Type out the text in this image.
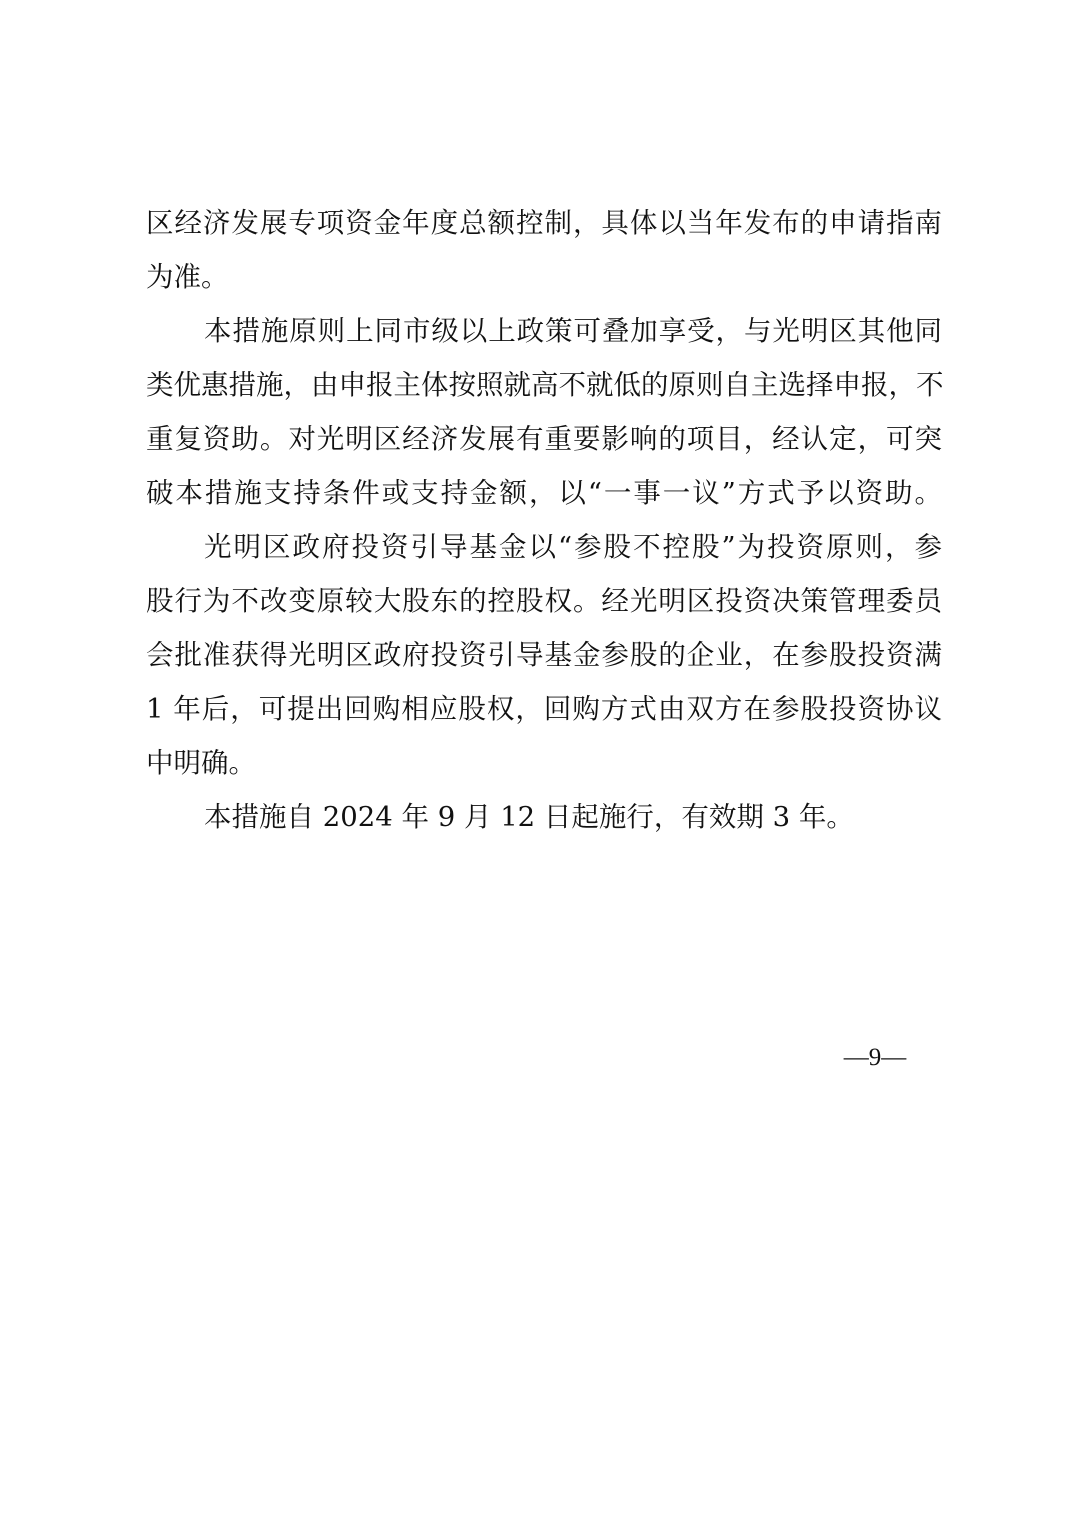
区经济发展专项资金年度总额控制，具体以当年发布的申请指南
为准。
本措施原则上同市级以上政策可叠加享受，与光明区其他同
类优惠措施，由申报主体按照就高不就低的原则自主选择申报，不
重复资助。对光明区经济发展有重要影响的项目，经认定，可突
破本措施支持条件或支持金额，以“一事一议”方式予以资助。
光明区政府投资引导基金以“参股不控股”为投资原则，参
股行为不改变原较大股东的控股权。经光明区投资决策管理委员
会批准获得光明区政府投资引导基金参股的企业，在参股投资满
1 年后，可提出回购相应股权，回购方式由双方在参股投资协议
中明确。
本措施自 2024 年 9 月 12 日起施行，有效期 3 年。
—9—
